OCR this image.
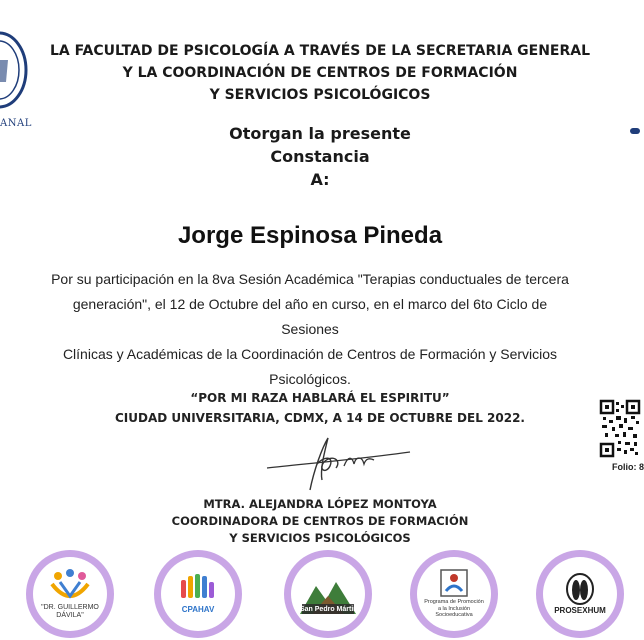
ANAL
LA FACULTAD DE PSICOLOGÍA A TRAVÉS DE LA SECRETARIA GENERAL
Y LA COORDINACIÓN DE CENTROS DE FORMACIÓN
Y SERVICIOS PSICOLÓGICOS
Otorgan la presente
Constancia
A:
Jorge Espinosa Pineda
Por su participación en la 8va Sesión Académica "Terapias conductuales de tercera
generación", el 12 de Octubre del año en curso, en el marco del 6to Ciclo de Sesiones
Clínicas y Académicas de la Coordinación de Centros de Formación y Servicios
Psicológicos.
“POR MI RAZA HABLARÁ EL ESPIRITU”
CIUDAD UNIVERSITARIA, CDMX, A 14 DE OCTUBRE DEL 2022.
Folio: 8
MTRA. ALEJANDRA LÓPEZ MONTOYA
COORDINADORA DE CENTROS DE FORMACIÓN
Y SERVICIOS PSICOLÓGICOS
"DR. GUILLERMO DÁVILA"
CPAHAV	San Pedro Mártir
Programa de Promoción a la Inclusión Socioeducativa
PROSEXHUM
